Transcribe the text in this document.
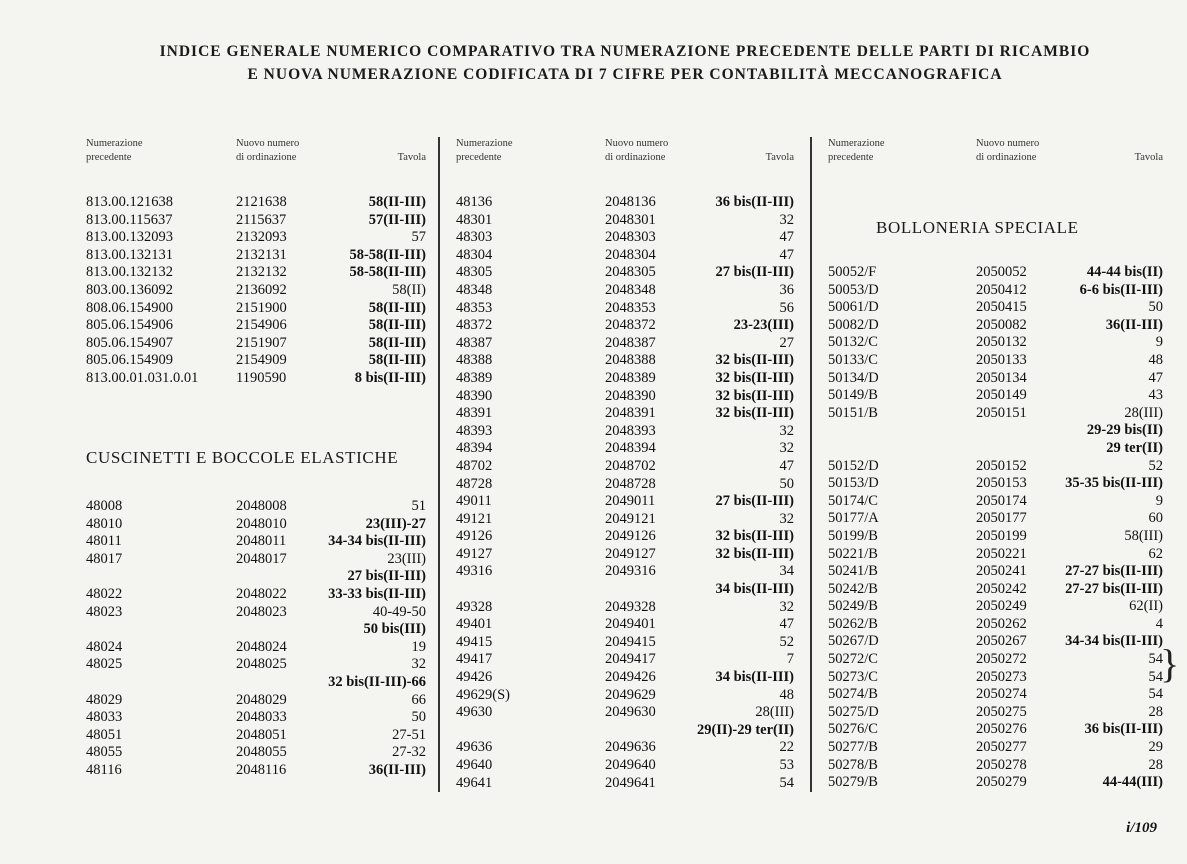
INDICE GENERALE NUMERICO COMPARATIVO TRA NUMERAZIONE PRECEDENTE DELLE PARTI DI RICAMBIO
E NUOVA NUMERAZIONE CODIFICATA DI 7 CIFRE PER CONTABILITÀ MECCANOGRAFICA
Numerazione
precedente
Nuovo numero
di ordinazione	Tavola
813.00.121638	2121638	58(II-III)
813.00.115637	2115637	57(II-III)
813.00.132093	2132093	57
813.00.132131	2132131	58-58(II-III)
813.00.132132	2132132	58-58(II-III)
803.00.136092	2136092	58(II)
808.06.154900	2151900	58(II-III)
805.06.154906	2154906	58(II-III)
805.06.154907	2151907	58(II-III)
805.06.154909	2154909	58(II-III)
813.00.01.031.0.01	1190590	8 bis(II-III)
CUSCINETTI E BOCCOLE ELASTICHE
48008	2048008	51
48010	2048010	23(III)-27
48011	2048011	34-34 bis(II-III)
48017	2048017	23(III)
27 bis(II-III)
48022	2048022	33-33 bis(II-III)
48023	2048023	40-49-50
50 bis(III)
48024	2048024	19
48025	2048025	32
32 bis(II-III)-66
48029	2048029	66
48033	2048033	50
48051	2048051	27-51
48055	2048055	27-32
48116	2048116	36(II-III)
Numerazione
precedente
Nuovo numero
di ordinazione	Tavola
48136	2048136	36 bis(II-III)
48301	2048301	32
48303	2048303	47
48304	2048304	47
48305	2048305	27 bis(II-III)
48348	2048348	36
48353	2048353	56
48372	2048372	23-23(III)
48387	2048387	27
48388	2048388	32 bis(II-III)
48389	2048389	32 bis(II-III)
48390	2048390	32 bis(II-III)
48391	2048391	32 bis(II-III)
48393	2048393	32
48394	2048394	32
48702	2048702	47
48728	2048728	50
49011	2049011	27 bis(II-III)
49121	2049121	32
49126	2049126	32 bis(II-III)
49127	2049127	32 bis(II-III)
49316	2049316	34
34 bis(II-III)
49328	2049328	32
49401	2049401	47
49415	2049415	52
49417	2049417	7
49426	2049426	34 bis(II-III)
49629(S)	2049629	48
49630	2049630	28(III)
29(II)-29 ter(II)
49636	2049636	22
49640	2049640	53
49641	2049641	54
Numerazione
precedente
Nuovo numero
di ordinazione	Tavola
BOLLONERIA SPECIALE
50052/F	2050052	44-44 bis(II)
50053/D	2050412	6-6 bis(II-III)
50061/D	2050415	50
50082/D	2050082	36(II-III)
50132/C	2050132	9
50133/C	2050133	48
50134/D	2050134	47
50149/B	2050149	43
50151/B	2050151	28(III)
29-29 bis(II)
29 ter(II)
50152/D	2050152	52
50153/D	2050153	35-35 bis(II-III)
50174/C	2050174	9
50177/A	2050177	60
50199/B	2050199	58(III)
50221/B	2050221	62
50241/B	2050241	27-27 bis(II-III)
50242/B	2050242	27-27 bis(II-III)
50249/B	2050249	62(II)
50262/B	2050262	4
50267/D	2050267	34-34 bis(II-III)
50272/C	2050272	54
50273/C	2050273	54
50274/B	2050274	54
50275/D	2050275	28
50276/C	2050276	36 bis(II-III)
50277/B	2050277	29
50278/B	2050278	28
50279/B	2050279	44-44(III)
}
i/109
